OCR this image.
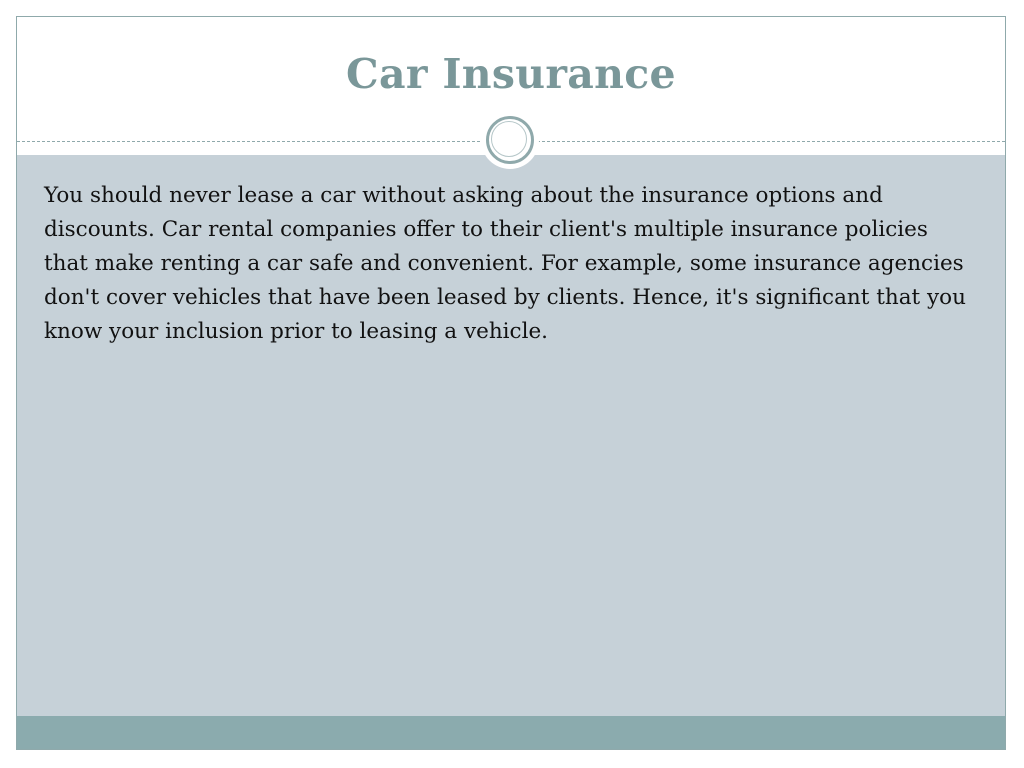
Car Insurance

You should never lease a car without asking about the insurance options and discounts. Car rental companies offer to their client's multiple insurance policies that make renting a car safe and convenient. For example, some insurance agencies don't cover vehicles that have been leased by clients. Hence, it's significant that you know your inclusion prior to leasing a vehicle.
